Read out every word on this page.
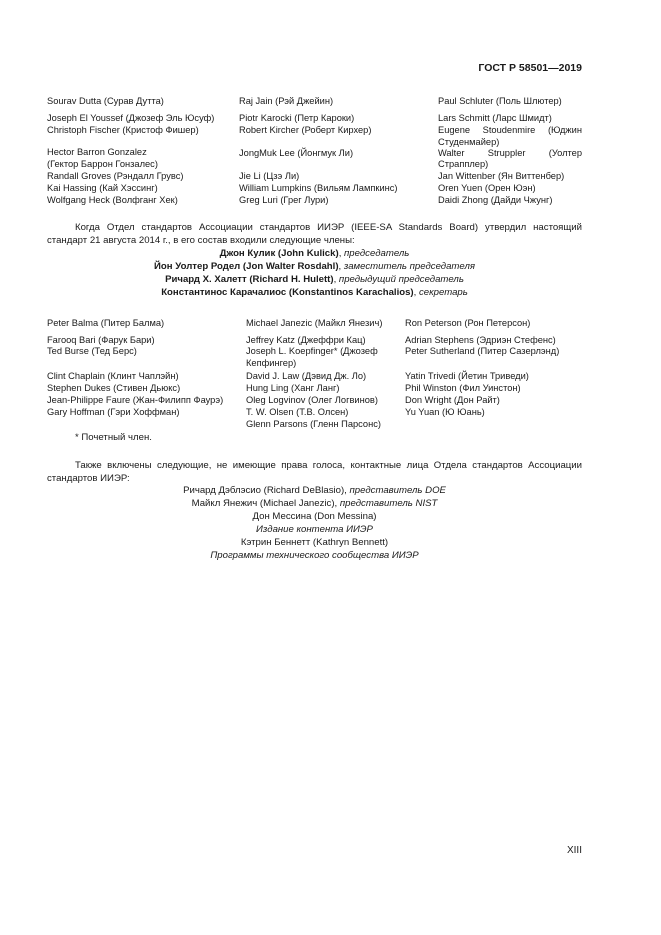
ГОСТ Р 58501—2019
Sourav Dutta (Сурав Дутта)
Joseph El Youssef (Джозеф Эль Юсуф)
Christoph Fischer (Кристоф Фишер)
Hector Barron Gonzalez
(Гектор Баррон Гонзалес)
Randall Groves (Рэндалл Грувс)
Kai Hassing (Кай Хэссинг)
Wolfgang Heck (Волфганг Хек)
Raj Jain (Рэй Джейин)
Piotr Karocki (Петр Кароки)
Robert Kircher (Роберт Кирхер)
JongMuk Lee (Йонгмук Ли)
Jie Li (Цзэ Ли)
William Lumpkins (Вильям Лампкинс)
Greg Luri (Грег Лури)
Paul Schluter (Поль Шлютер)
Lars Schmitt (Ларс Шмидт)
Eugene Stoudenmire (Юджин
Студенмайер)
Walter Struppler (Уолтер
Страпплер)
Jan Wittenber (Ян Виттенбер)
Oren Yuen (Орен Юэн)
Daidi Zhong (Дайди Чжунг)
Когда Отдел стандартов Ассоциации стандартов ИИЭР (IEEE-SA Standards Board) утвердил настоящий стандарт 21 августа 2014 г., в его состав входили следующие члены:
Джон Кулик (John Kulick), председатель
Йон Уолтер Родел (Jon Walter Rosdahl), заместитель председателя
Ричард Х. Халетт (Richard H. Hulett), предыдущий председатель
Константинос Карачалиос (Konstantinos Karachalios), секретарь
Peter Balma (Питер Балма)
Farooq Bari (Фарук Бари)
Ted Burse (Тед Берс)
Clint Chaplain (Клинт Чаплэйн)
Stephen Dukes (Стивен Дьюкс)
Jean-Philippe Faure (Жан-Филипп Фаурэ)
Gary Hoffman (Гэри Хоффман)
Michael Janezic (Майкл Янезич)
Jeffrey Katz (Джеффри Кац)
Joseph L. Koepfinger* (Джозеф
Кепфингер)
David J. Law (Дэвид Дж. Ло)
Hung Ling (Ханг Ланг)
Oleg Logvinov (Олег Логвинов)
T. W. Olsen (Т.В. Олсен)
Glenn Parsons (Гленн Парсонс)
Ron Peterson (Рон Петерсон)
Adrian Stephens (Эдриэн Стефенс)
Peter Sutherland (Питер Сазерлэнд)
Yatin Trivedi (Йетин Триведи)
Phil Winston (Фил Уинстон)
Don Wright (Дон Райт)
Yu Yuan (Ю Юань)
* Почетный член.
Также включены следующие, не имеющие права голоса, контактные лица Отдела стандартов Ассоциации стандартов ИИЭР:
Ричард Дэблэсио (Richard DeBlasio), представитель DOE
Майкл Янежич (Michael Janezic), представитель NIST
Дон Мессина (Don Messina)
Издание контента ИИЭР
Кэтрин Беннетт (Kathryn Bennett)
Программы технического сообщества ИИЭР
XIII
